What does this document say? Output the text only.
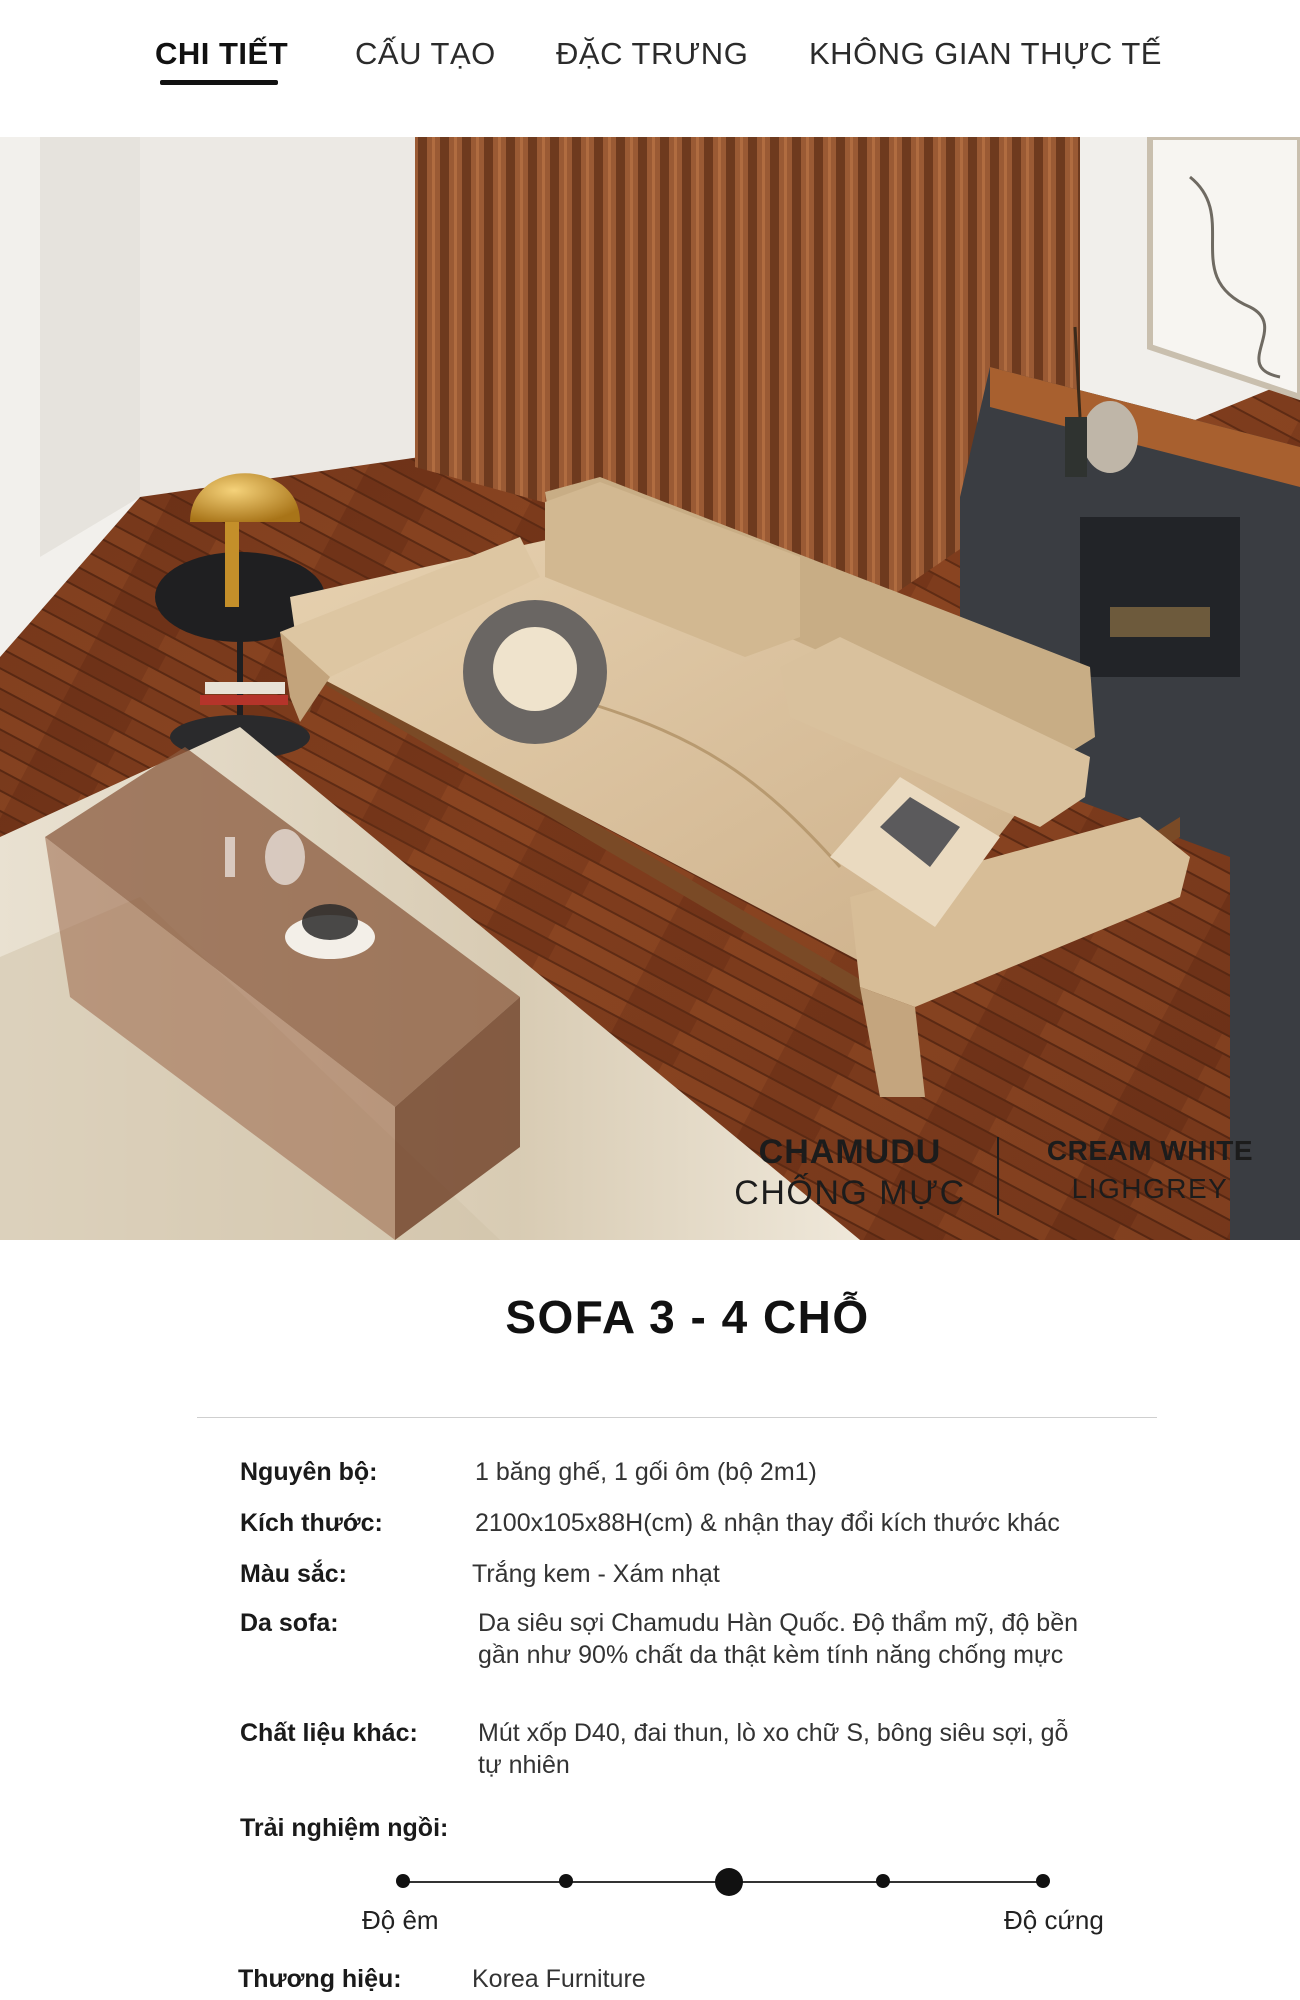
CHI TIẾT CẤU TẠO ĐẶC TRƯNG KHÔNG GIAN THỰC TẾ
CHAMUDU
CHỐNG MỰC
CREAM WHITE
LIGHGREY
SOFA 3 - 4 CHỖ
Nguyên bộ:	1 băng ghế, 1 gối ôm (bộ 2m1)
Kích thước:	2100x105x88H(cm) & nhận thay đổi kích thước khác
Màu sắc:	Trắng kem - Xám nhạt
Da sofa:	Da siêu sợi Chamudu Hàn Quốc. Độ thẩm mỹ, độ bền gần như 90% chất da thật kèm tính năng chống mực
Chất liệu khác: Mút xốp D40, đai thun, lò xo chữ S, bông siêu sợi, gỗ tự nhiên
Trải nghiệm ngồi:
Độ êm	Độ cứng
Thương hiệu:	Korea Furniture
